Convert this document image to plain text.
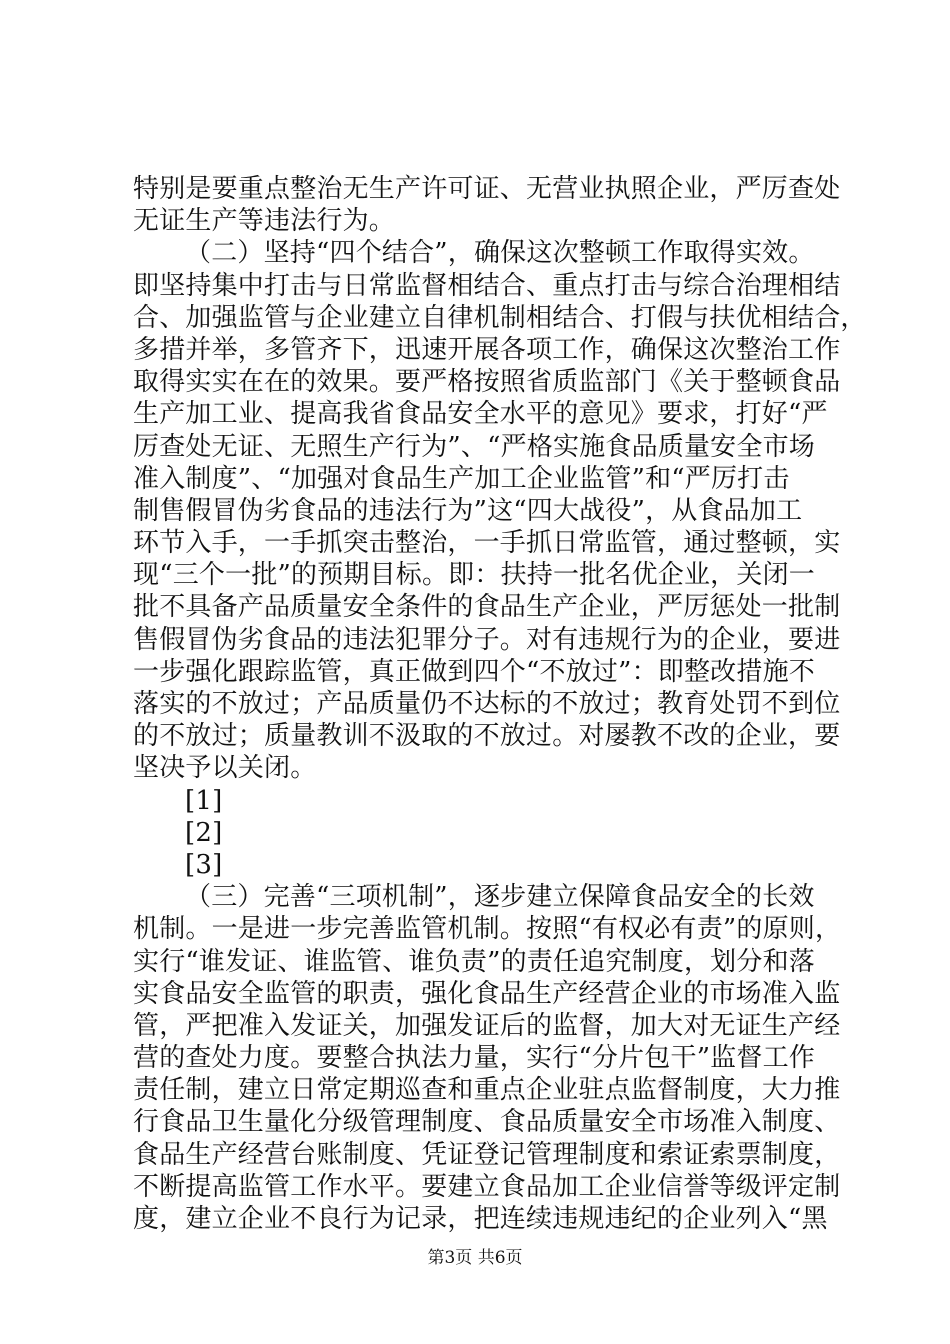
特别是要重点整治无生产许可证、无营业执照企业，严厉查处
无证生产等违法行为。
（二）坚持“四个结合”，确保这次整顿工作取得实效。
即坚持集中打击与日常监督相结合、重点打击与综合治理相结
合、加强监管与企业建立自律机制相结合、打假与扶优相结合，
多措并举，多管齐下，迅速开展各项工作，确保这次整治工作
取得实实在在的效果。要严格按照省质监部门《关于整顿食品
生产加工业、提高我省食品安全水平的意见》要求，打好“严
厉查处无证、无照生产行为”、“严格实施食品质量安全市场
准入制度”、“加强对食品生产加工企业监管”和“严厉打击
制售假冒伪劣食品的违法行为”这“四大战役”，从食品加工
环节入手，一手抓突击整治，一手抓日常监管，通过整顿，实
现“三个一批”的预期目标。即：扶持一批名优企业，关闭一
批不具备产品质量安全条件的食品生产企业，严厉惩处一批制
售假冒伪劣食品的违法犯罪分子。对有违规行为的企业，要进
一步强化跟踪监管，真正做到四个“不放过”：即整改措施不
落实的不放过；产品质量仍不达标的不放过；教育处罚不到位
的不放过；质量教训不汲取的不放过。对屡教不改的企业，要
坚决予以关闭。
[1]
[2]
[3]
（三）完善“三项机制”，逐步建立保障食品安全的长效
机制。一是进一步完善监管机制。按照“有权必有责”的原则，
实行“谁发证、谁监管、谁负责”的责任追究制度，划分和落
实食品安全监管的职责，强化食品生产经营企业的市场准入监
管，严把准入发证关，加强发证后的监督，加大对无证生产经
营的查处力度。要整合执法力量，实行“分片包干”监督工作
责任制，建立日常定期巡查和重点企业驻点监督制度，大力推
行食品卫生量化分级管理制度、食品质量安全市场准入制度、
食品生产经营台账制度、凭证登记管理制度和索证索票制度，
不断提高监管工作水平。要建立食品加工企业信誉等级评定制
度，建立企业不良行为记录，把连续违规违纪的企业列入“黑
第3页 共6页
